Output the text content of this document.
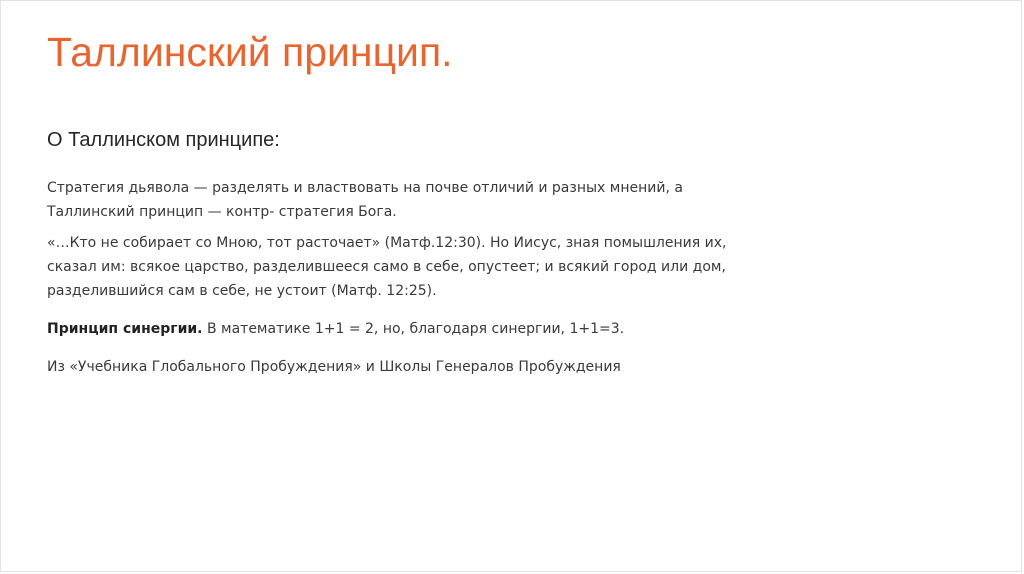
Таллинский принцип.
О Таллинском принципе:

Стратегия дьявола — разделять и властвовать на почве отличий и разных мнений, а
Таллинский принцип — контр- стратегия Бога.

«…Кто не собирает со Мною, тот расточает» (Матф.12:30). Но Иисус, зная помышления их,
сказал им: всякое царство, разделившееся само в себе, опустеет; и всякий город или дом,
разделившийся сам в себе, не устоит (Матф. 12:25).

Принцип синергии. В математике 1+1 = 2, но, благодаря синергии, 1+1=3.

Из «Учебника Глобального Пробуждения» и Школы Генералов Пробуждения
